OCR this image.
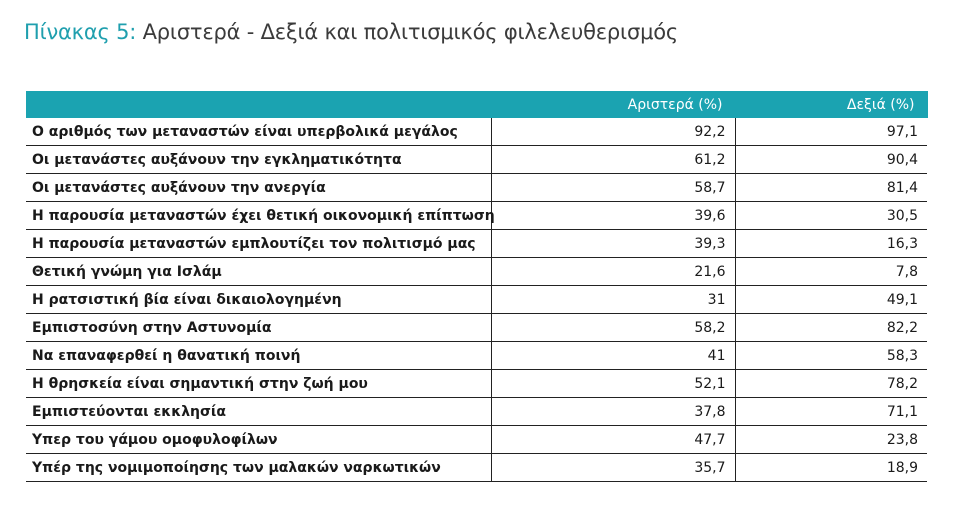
Πίνακας 5: Αριστερά - Δεξιά και πολιτισμικός φιλελευθερισμός
	Αριστερά (%)	Δεξιά (%)
Ο αριθμός των μεταναστών είναι υπερβολικά μεγάλος	92,2	97,1
Οι μετανάστες αυξάνουν την εγκληματικότητα	61,2	90,4
Οι μετανάστες αυξάνουν την ανεργία	58,7	81,4
Η παρουσία μεταναστών έχει θετική οικονομική επίπτωση	39,6	30,5
Η παρουσία μεταναστών εμπλουτίζει τον πολιτισμό μας	39,3	16,3
Θετική γνώμη για Ισλάμ	21,6	7,8
Η ρατσιστική βία είναι δικαιολογημένη	31	49,1
Εμπιστοσύνη στην Αστυνομία	58,2	82,2
Να επαναφερθεί η θανατική ποινή	41	58,3
Η θρησκεία είναι σημαντική στην ζωή μου	52,1	78,2
Εμπιστεύονται εκκλησία	37,8	71,1
Υπερ του γάμου ομοφυλοφίλων	47,7	23,8
Υπέρ της νομιμοποίησης των μαλακών ναρκωτικών	35,7	18,9
